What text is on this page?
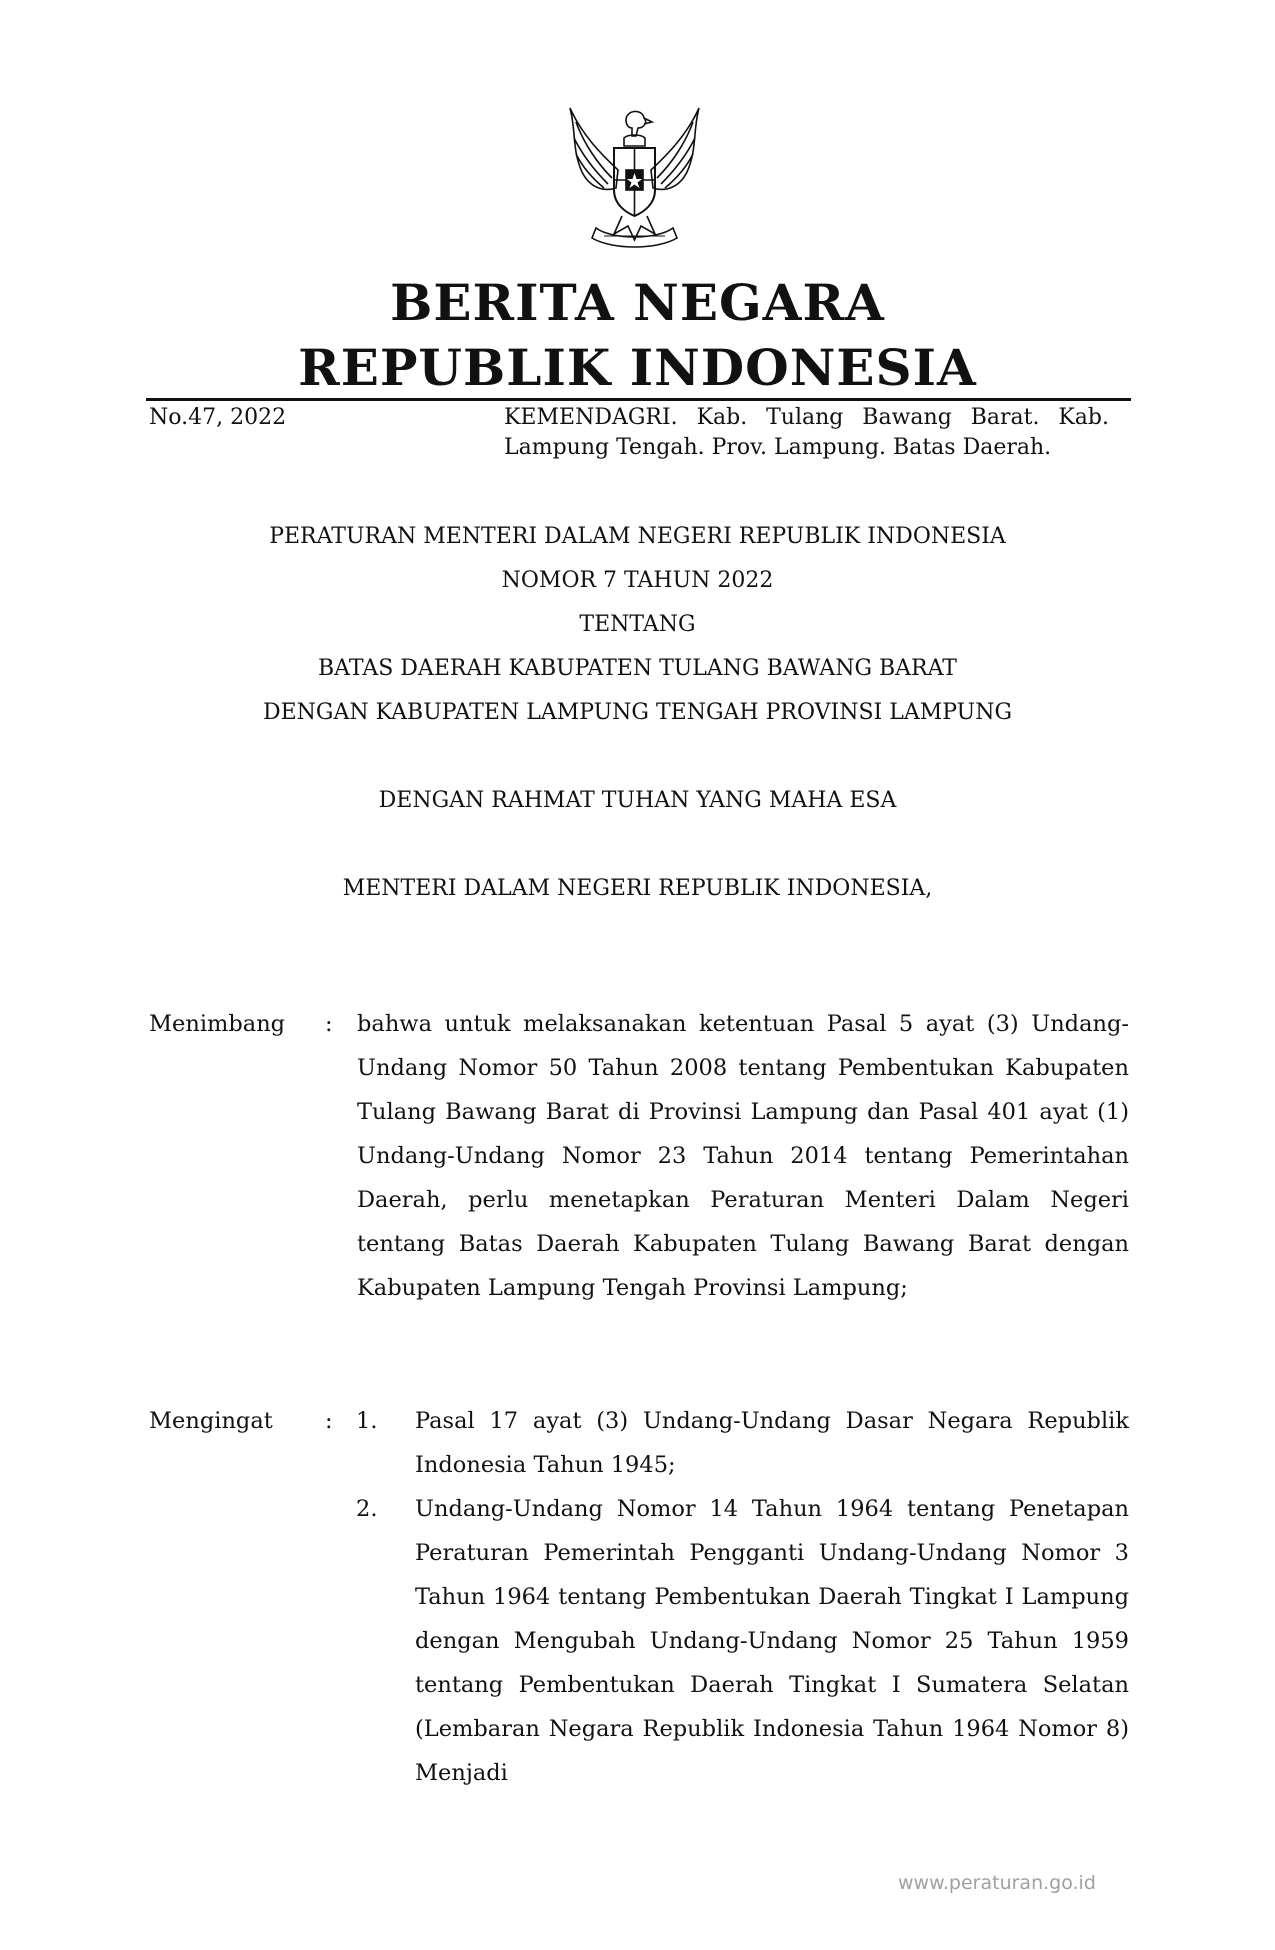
BERITA NEGARA
REPUBLIK INDONESIA
No.47, 2022	KEMENDAGRI. Kab. Tulang Bawang Barat. Kab. Lampung Tengah. Prov. Lampung. Batas Daerah.
PERATURAN MENTERI DALAM NEGERI REPUBLIK INDONESIA
NOMOR 7 TAHUN 2022
TENTANG
BATAS DAERAH KABUPATEN TULANG BAWANG BARAT
DENGAN KABUPATEN LAMPUNG TENGAH PROVINSI LAMPUNG
DENGAN RAHMAT TUHAN YANG MAHA ESA
MENTERI DALAM NEGERI REPUBLIK INDONESIA,
Menimbang : bahwa untuk melaksanakan ketentuan Pasal 5 ayat (3) Undang-Undang Nomor 50 Tahun 2008 tentang Pembentukan Kabupaten Tulang Bawang Barat di Provinsi Lampung dan Pasal 401 ayat (1) Undang-Undang Nomor 23 Tahun 2014 tentang Pemerintahan Daerah, perlu menetapkan Peraturan Menteri Dalam Negeri tentang Batas Daerah Kabupaten Tulang Bawang Barat dengan Kabupaten Lampung Tengah Provinsi Lampung;
Mengingat : 1. Pasal 17 ayat (3) Undang-Undang Dasar Negara Republik Indonesia Tahun 1945;
2. Undang-Undang Nomor 14 Tahun 1964 tentang Penetapan Peraturan Pemerintah Pengganti Undang-Undang Nomor 3 Tahun 1964 tentang Pembentukan Daerah Tingkat I Lampung dengan Mengubah Undang-Undang Nomor 25 Tahun 1959 tentang Pembentukan Daerah Tingkat I Sumatera Selatan (Lembaran Negara Republik Indonesia Tahun 1964 Nomor 8) Menjadi
www.peraturan.go.id
